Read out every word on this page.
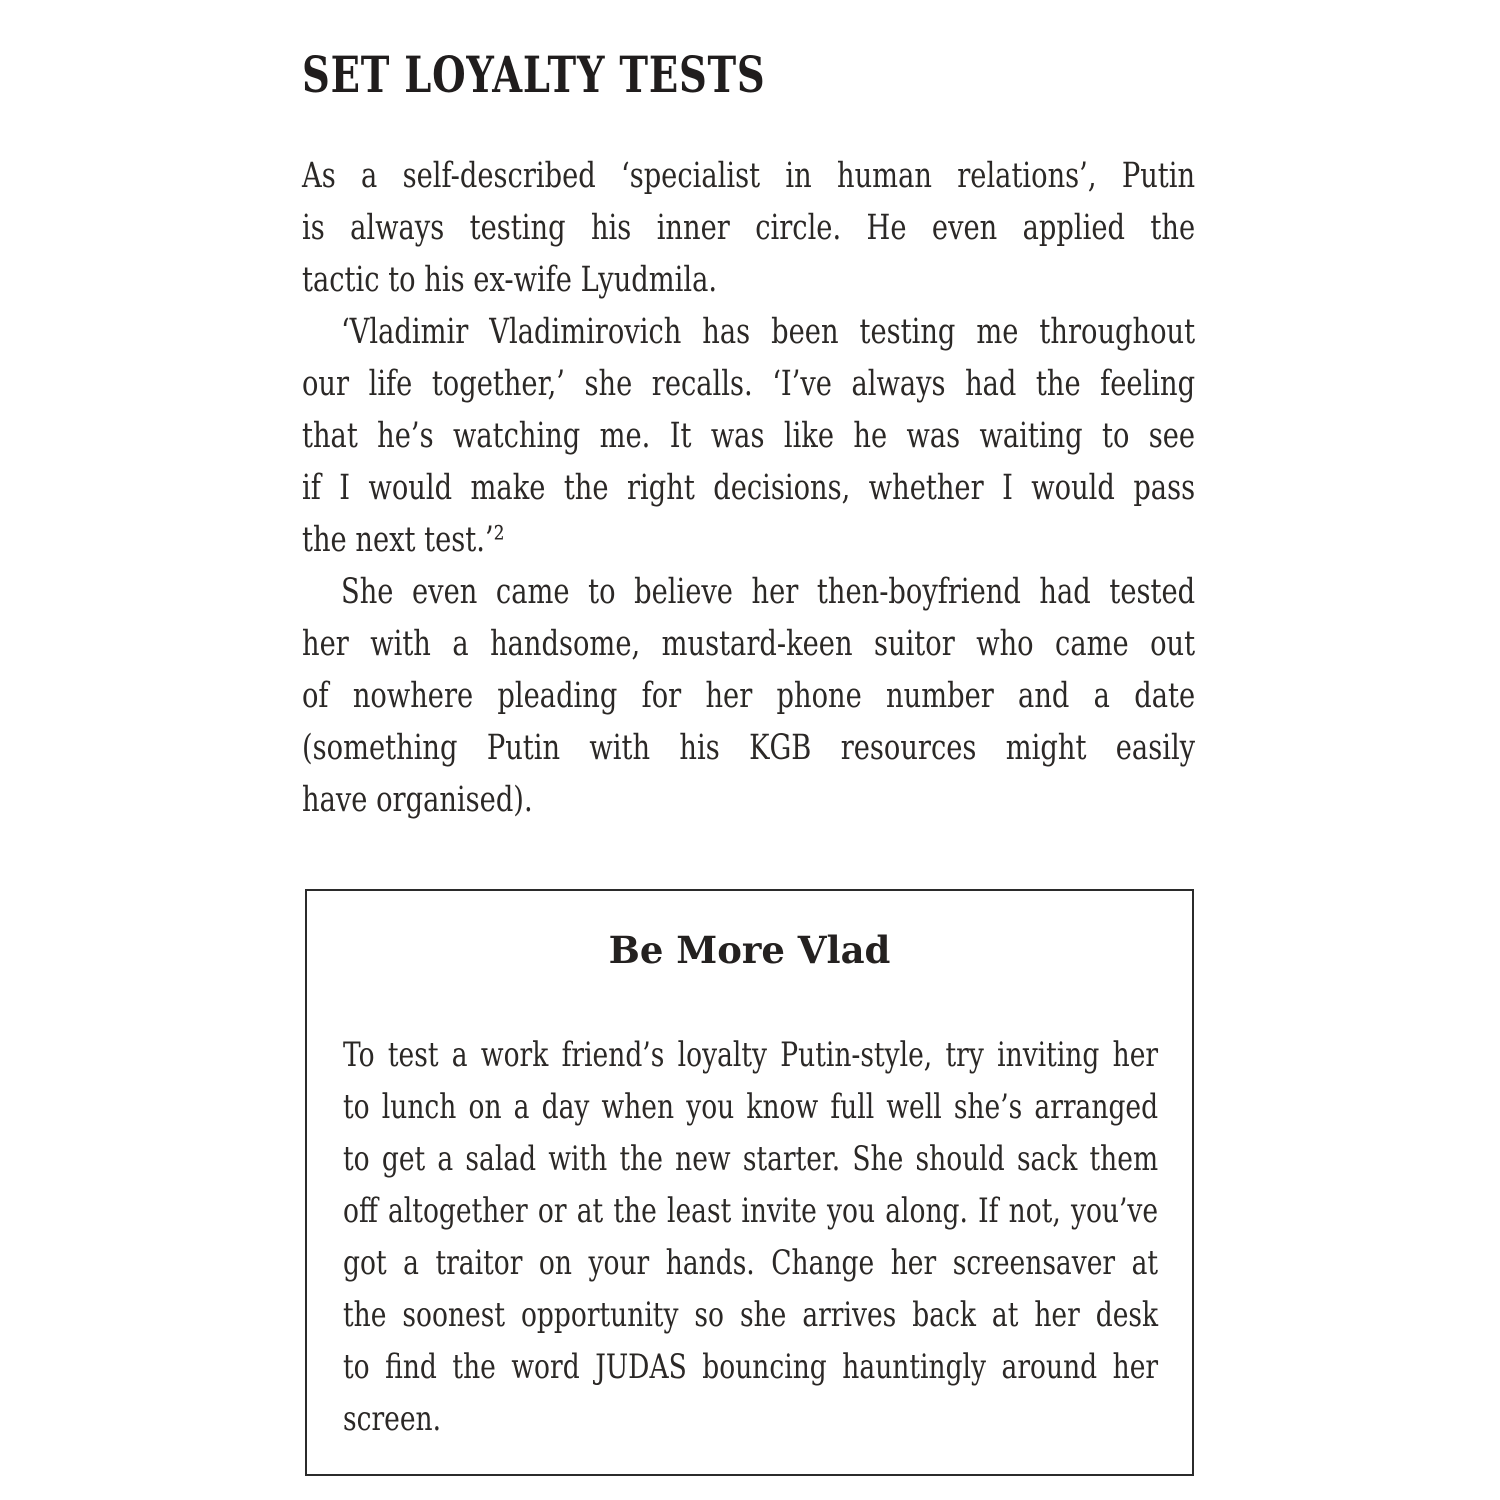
SET LOYALTY TESTS
As a self-described ‘specialist in human relations’, Putin
is always testing his inner circle. He even applied the
tactic to his ex-wife Lyudmila.
‘Vladimir Vladimirovich has been testing me throughout
our life together,’ she recalls. ‘I’ve always had the feeling
that he’s watching me. It was like he was waiting to see
if I would make the right decisions, whether I would pass
the next test.’²
She even came to believe her then-boyfriend had tested
her with a handsome, mustard-keen suitor who came out
of nowhere pleading for her phone number and a date
(something Putin with his KGB resources might easily
have organised).
Be More Vlad
To test a work friend’s loyalty Putin-style, try inviting her
to lunch on a day when you know full well she’s arranged
to get a salad with the new starter. She should sack them
off altogether or at the least invite you along. If not, you’ve
got a traitor on your hands. Change her screensaver at
the soonest opportunity so she arrives back at her desk
to find the word JUDAS bouncing hauntingly around her
screen.
